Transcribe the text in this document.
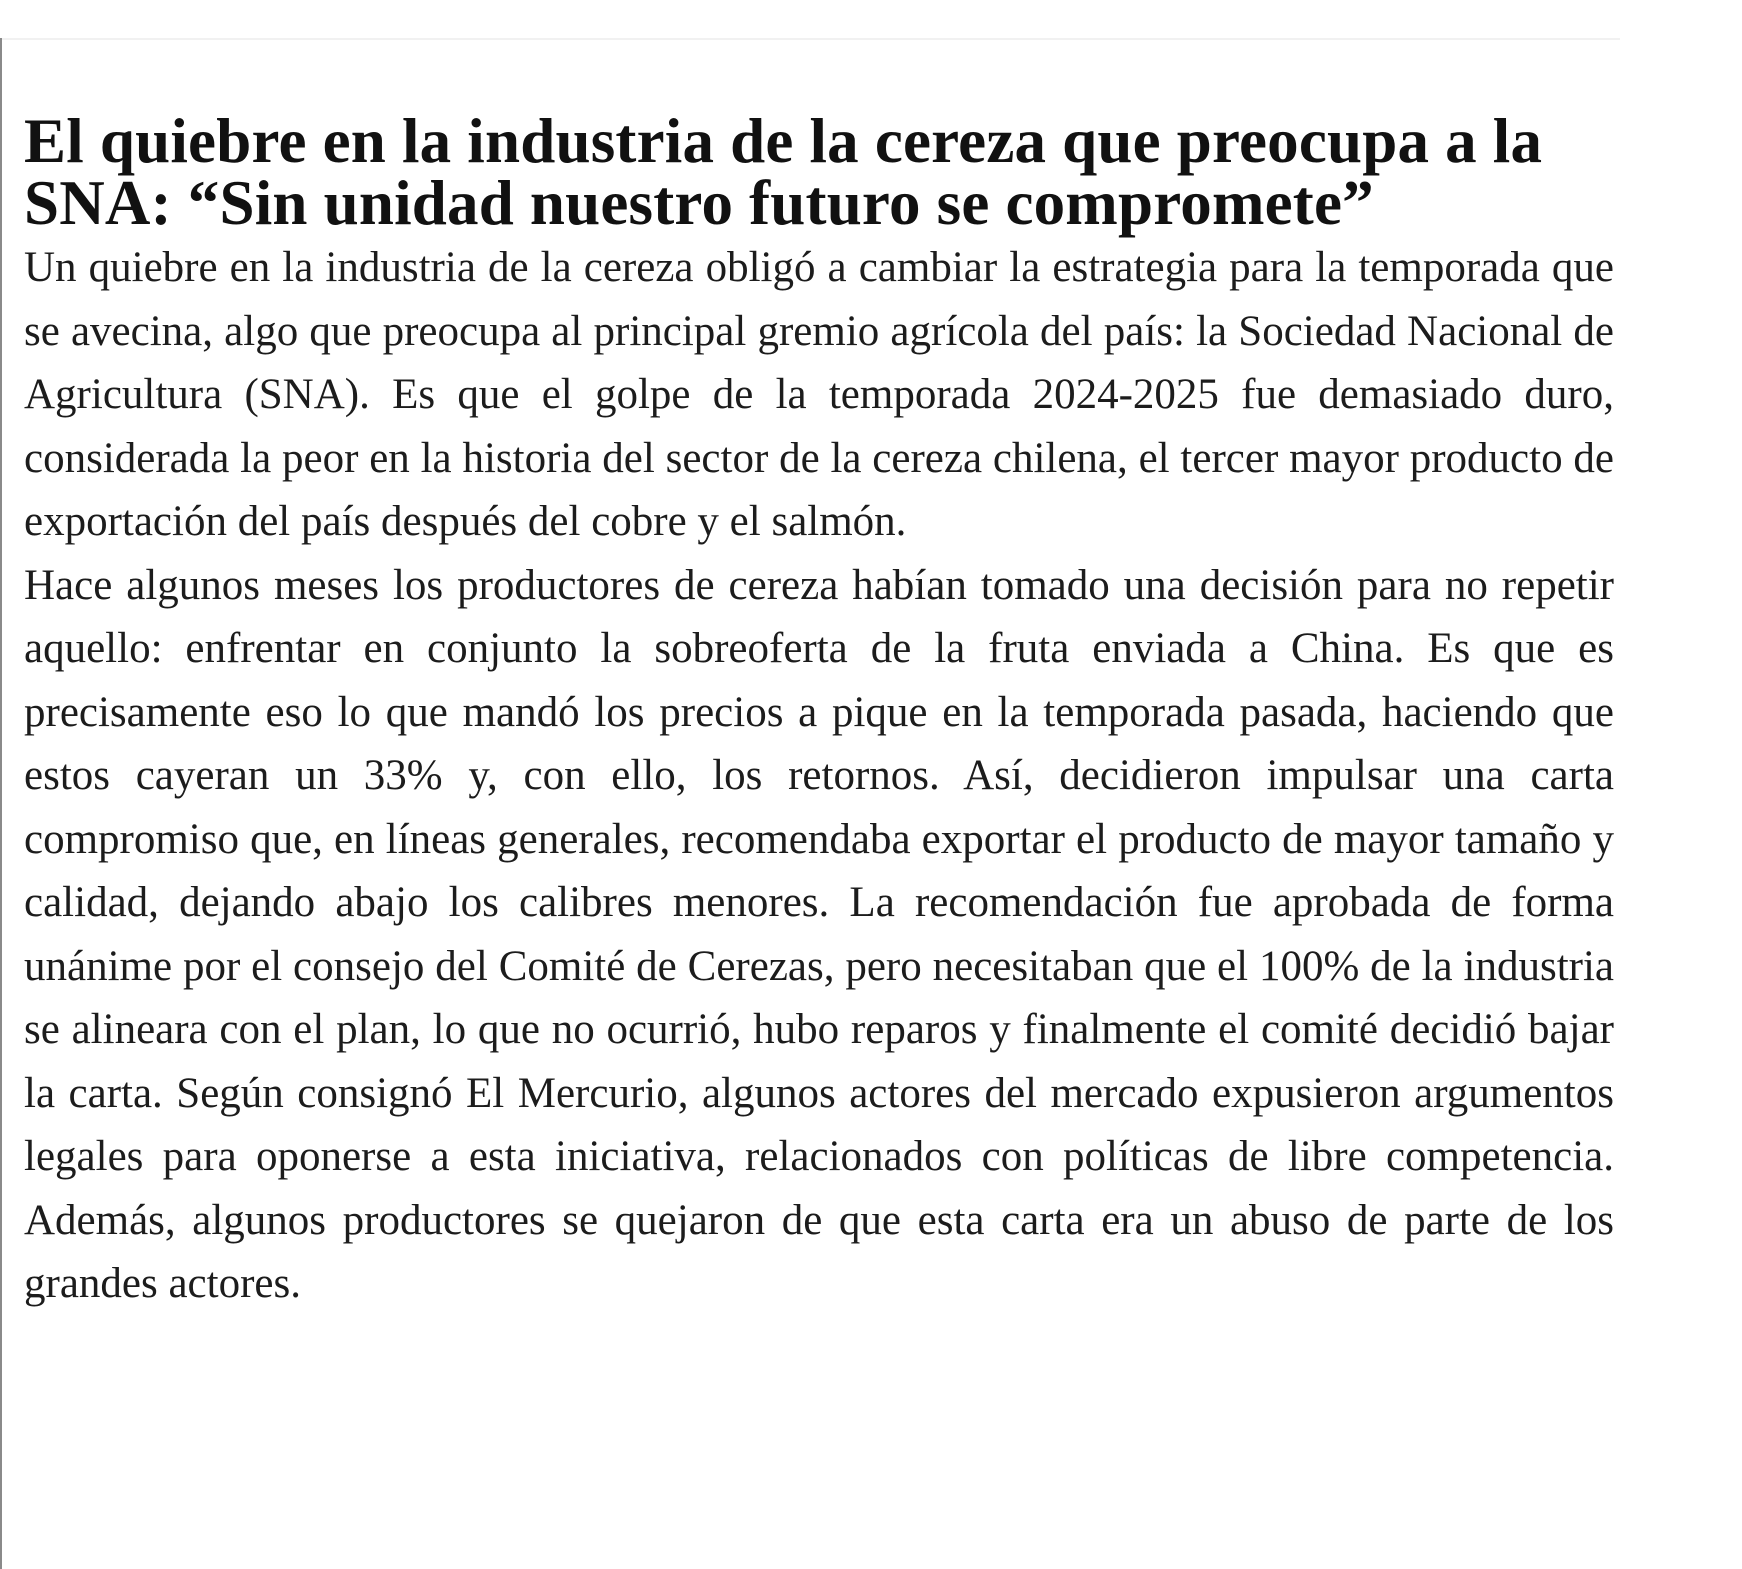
El quiebre en la industria de la cereza que preocupa a la SNA: “Sin unidad nuestro futuro se compromete”

Un quiebre en la industria de la cereza obligó a cambiar la estrategia para la temporada que se avecina, algo que preocupa al principal gremio agrícola del país: la Sociedad Nacional de Agricultura (SNA). Es que el golpe de la temporada 2024-2025 fue demasiado duro, considerada la peor en la historia del sector de la cereza chilena, el tercer mayor producto de exportación del país después del cobre y el salmón.

Hace algunos meses los productores de cereza habían tomado una decisión para no repetir aquello: enfrentar en conjunto la sobreoferta de la fruta enviada a China. Es que es precisamente eso lo que mandó los precios a pique en la temporada pasada, haciendo que estos cayeran un 33% y, con ello, los retornos. Así, decidieron impulsar una carta compromiso que, en líneas generales, recomendaba exportar el producto de mayor tamaño y calidad, dejando abajo los calibres menores. La recomendación fue aprobada de forma unánime por el consejo del Comité de Cerezas, pero necesitaban que el 100% de la industria se alineara con el plan, lo que no ocurrió, hubo reparos y finalmente el comité decidió bajar la carta. Según consignó El Mercurio, algunos actores del mercado expusieron argumentos legales para oponerse a esta iniciativa, relacionados con políticas de libre competencia. Además, algunos productores se quejaron de que esta carta era un abuso de parte de los grandes actores.
